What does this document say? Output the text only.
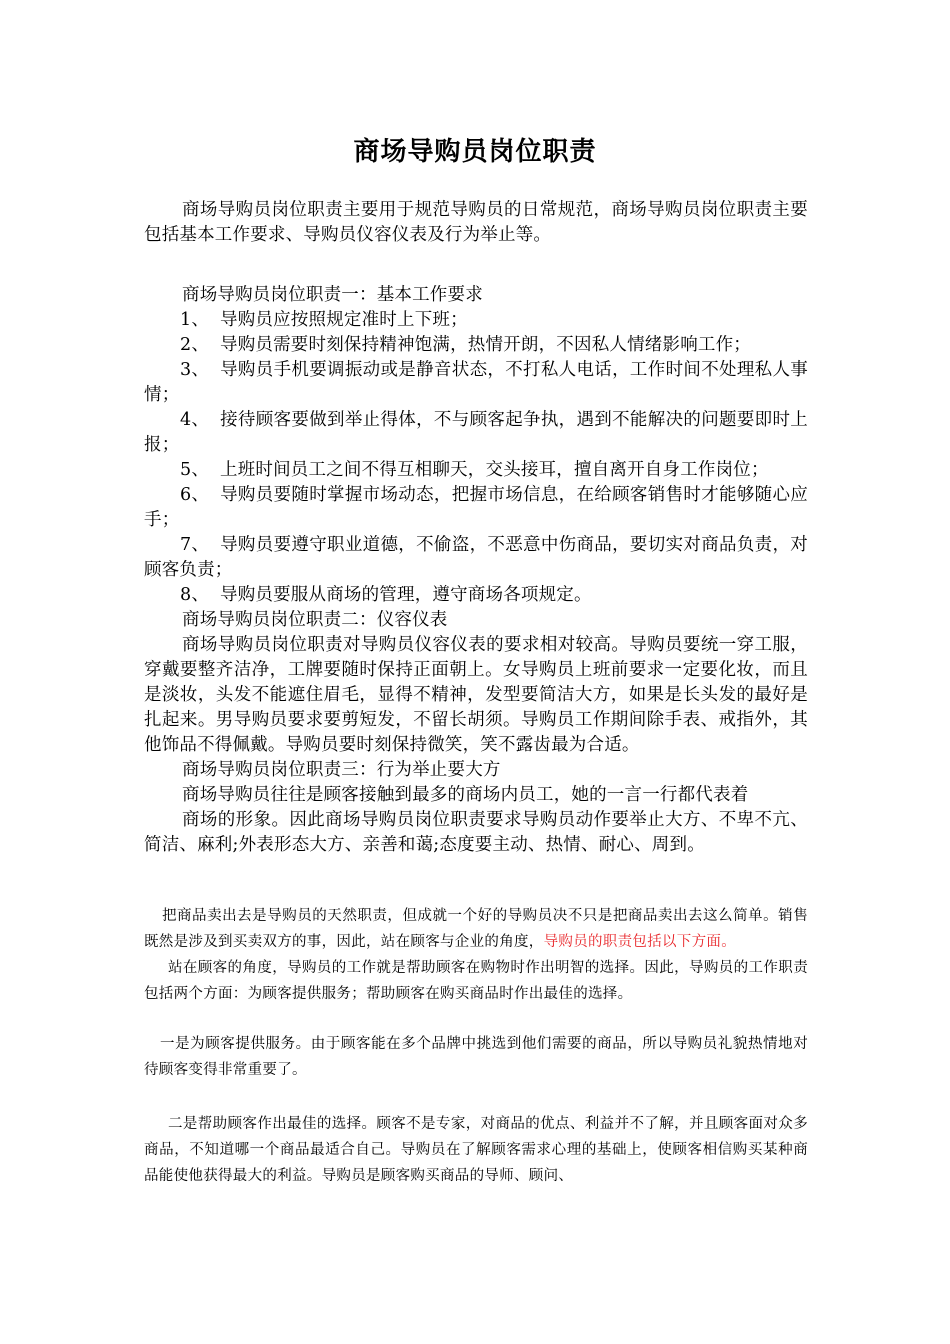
商场导购员岗位职责

商场导购员岗位职责主要用于规范导购员的日常规范，商场导购员岗位职责主要包括基本工作要求、导购员仪容仪表及行为举止等。

商场导购员岗位职责一：基本工作要求

1、 导购员应按照规定准时上下班；

2、 导购员需要时刻保持精神饱满，热情开朗，不因私人情绪影响工作；

3、 导购员手机要调振动或是静音状态，不打私人电话，工作时间不处理私人事情；

4、 接待顾客要做到举止得体，不与顾客起争执，遇到不能解决的问题要即时上报；

5、 上班时间员工之间不得互相聊天，交头接耳，擅自离开自身工作岗位；

6、 导购员要随时掌握市场动态，把握市场信息，在给顾客销售时才能够随心应手；

7、 导购员要遵守职业道德，不偷盗，不恶意中伤商品，要切实对商品负责，对顾客负责；

8、 导购员要服从商场的管理，遵守商场各项规定。

商场导购员岗位职责二：仪容仪表

商场导购员岗位职责对导购员仪容仪表的要求相对较高。导购员要统一穿工服，穿戴要整齐洁净，工牌要随时保持正面朝上。女导购员上班前要求一定要化妆，而且是淡妆，头发不能遮住眉毛，显得不精神，发型要简洁大方，如果是长头发的最好是扎起来。男导购员要求要剪短发，不留长胡须。导购员工作期间除手表、戒指外，其他饰品不得佩戴。导购员要时刻保持微笑，笑不露齿最为合适。

商场导购员岗位职责三：行为举止要大方

商场导购员往往是顾客接触到最多的商场内员工，她的一言一行都代表着

商场的形象。因此商场导购员岗位职责要求导购员动作要举止大方、不卑不亢、简洁、麻利;外表形态大方、亲善和蔼;态度要主动、热情、耐心、周到。

把商品卖出去是导购员的天然职责，但成就一个好的导购员决不只是把商品卖出去这么简单。销售既然是涉及到买卖双方的事，因此，站在顾客与企业的角度，导购员的职责包括以下方面。

站在顾客的角度，导购员的工作就是帮助顾客在购物时作出明智的选择。因此，导购员的工作职责包括两个方面：为顾客提供服务；帮助顾客在购买商品时作出最佳的选择。

一是为顾客提供服务。由于顾客能在多个品牌中挑选到他们需要的商品，所以导购员礼貌热情地对待顾客变得非常重要了。

二是帮助顾客作出最佳的选择。顾客不是专家，对商品的优点、利益并不了解，并且顾客面对众多商品，不知道哪一个商品最适合自己。导购员在了解顾客需求心理的基础上，使顾客相信购买某种商品能使他获得最大的利益。导购员是顾客购买商品的导师、顾问、
